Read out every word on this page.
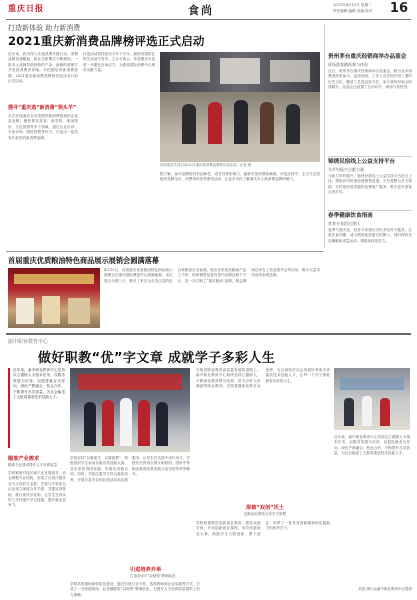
重庆日报	食尚	2021年4月13日 星期二
责任编辑 编辑 美编 校对 16
打造新体验 助力新消费
2021重庆新消费品牌榜评选正式启动
搜寻“重庆造”新消费“领头羊”
近年来，我市深入实施消费升级行动，消费品牌加速崛起，新业态新模式不断涌现，一批本土品牌凭借独特的产品、新颖的营销方式受到消费者青睐。为挖掘培育新消费品牌，2021重庆新消费品牌榜评选活动日前正式启动。
本次评选面向全市范围内新消费领域的企业及品牌，聚焦餐饮美食、新零售、休闲娱乐、文化旅游等多个领域，通过企业自荐、专家评审、网络投票等环节，评选出一批具有代表性的新消费品牌。
评选活动将持续至今年下半年，最终结果将在相关活动中发布。主办方表示，希望通过评选进一步激发市场活力，为建设国际消费中心城市贡献力量。
现场嘉宾共同启动2021重庆新消费品牌榜评选活动。记者 摄
据了解，参评品牌需具有创新性、成长性和影响力，能够引领消费新潮流。评选过程中，主办方还将组织品牌走访、消费者体验等系列活动，让更多市民了解重庆本土新消费品牌的魅力。
贵州茅台重庆经销商举办品鉴会
现场游客踊跃参与体验
近日，贵州茅台重庆经销商举办品鉴会，吸引众多消费者前来参与。活动现场，工作人员详细介绍了酒的历史文化、酿造工艺及品鉴方法，参与者纷纷表示收获颇丰。品鉴会还设置了互动环节，现场气氛热烈。
锦绣民宿线上公益支持平台
为乡村振兴贡献力量
为助力乡村振兴，锦绣民宿线上公益支持平台近日上线，帮助乡村民宿拓展销售渠道。平台将整合多方资源，为民宿经营者提供免费推广服务，吸引更多游客走进乡村。
春季健康饮食指南
营养专家给出建议
春季气候多变，营养专家建议市民多吃时令蔬菜，注意饮食均衡，适当增加优质蛋白的摄入，同时保持充足睡眠和适量运动，增强身体抵抗力。
首届重庆优质粮油特色商品展示展销会圆满落幕
4月12日，首届重庆优质粮油特色商品展示展销会在重庆国际博览中心圆满落幕。本次展会为期三天，吸引了来自全市各区县的近百家粮油企业参展，展出各类优质粮油产品上千种，现场销售及意向签约金额达数千万元，进一步打响了“重庆粮油”品牌。展会期间还举办了品鉴推介会等活动，吸引大量市民前来参观选购。
渝中职业教育中心
做好职教“优”字文章 成就学子多彩人生
近年来，渝中职业教育中心坚持以立德树人为根本任务，以服务发展为宗旨，以促进就业为导向，深化产教融合、校企合作，不断提升办学质量，为社会输送了大批高素质技术技能人才。
瞄准产业需求
精准专业建设提升人才培养质量
学校紧密对接区域产业发展需求，动态调整专业结构，形成了以现代服务业为主体的专业群。学校与多家知名企业建立深度合作关系，共建实训基地，推行现代学徒制，让学生在真实的工作环境中学习技能，提升就业竞争力。
学校坚持“以赛促学、以赛促教”，积极组织学生参加各级各类技能大赛，近年来获得国家级、市级奖项数百项。同时，学校注重学生综合素质培养，开展丰富多彩的社团活动和志愿服务，让学生在实践中成长成才。学校先后获得全国文明校园、国家中等职业教育改革发展示范学校等荣誉称号。
引进培养并举
打造高水平“双师型”教师队伍
学校高度重视师资队伍建设，通过引进行业专家、选派教师到企业实践等方式，打造了一支师德高尚、业务精湛的“双师型”教师队伍，为提升人才培养质量提供了有力保障。
在推进职业教育高质量发展的道路上，渝中职业教育中心始终坚持立德树人，不断深化教育教学改革，努力办好人民满意的职业教育。学校将继续发挥自身优势，为区域经济社会发展培养更多高素质技术技能人才，让每一个学子都能拥有出彩的人生。
厚植“双创”沃土
创新创业教育点亮学子梦想
学校积极推进创新创业教育，建设众创空间，开设创新创业课程，举办创新创业大赛，鼓励学生大胆创新、勇于创业，培养了一批具有创新精神和实践能力的优秀学子。
近年来，渝中职业教育中心坚持以立德树人为根本任务，以服务发展为宗旨，以促进就业为导向，深化产教融合、校企合作，不断提升办学质量，为社会输送了大批高素质技术技能人才。
刘蕊 图片由渝中职业教育中心提供
